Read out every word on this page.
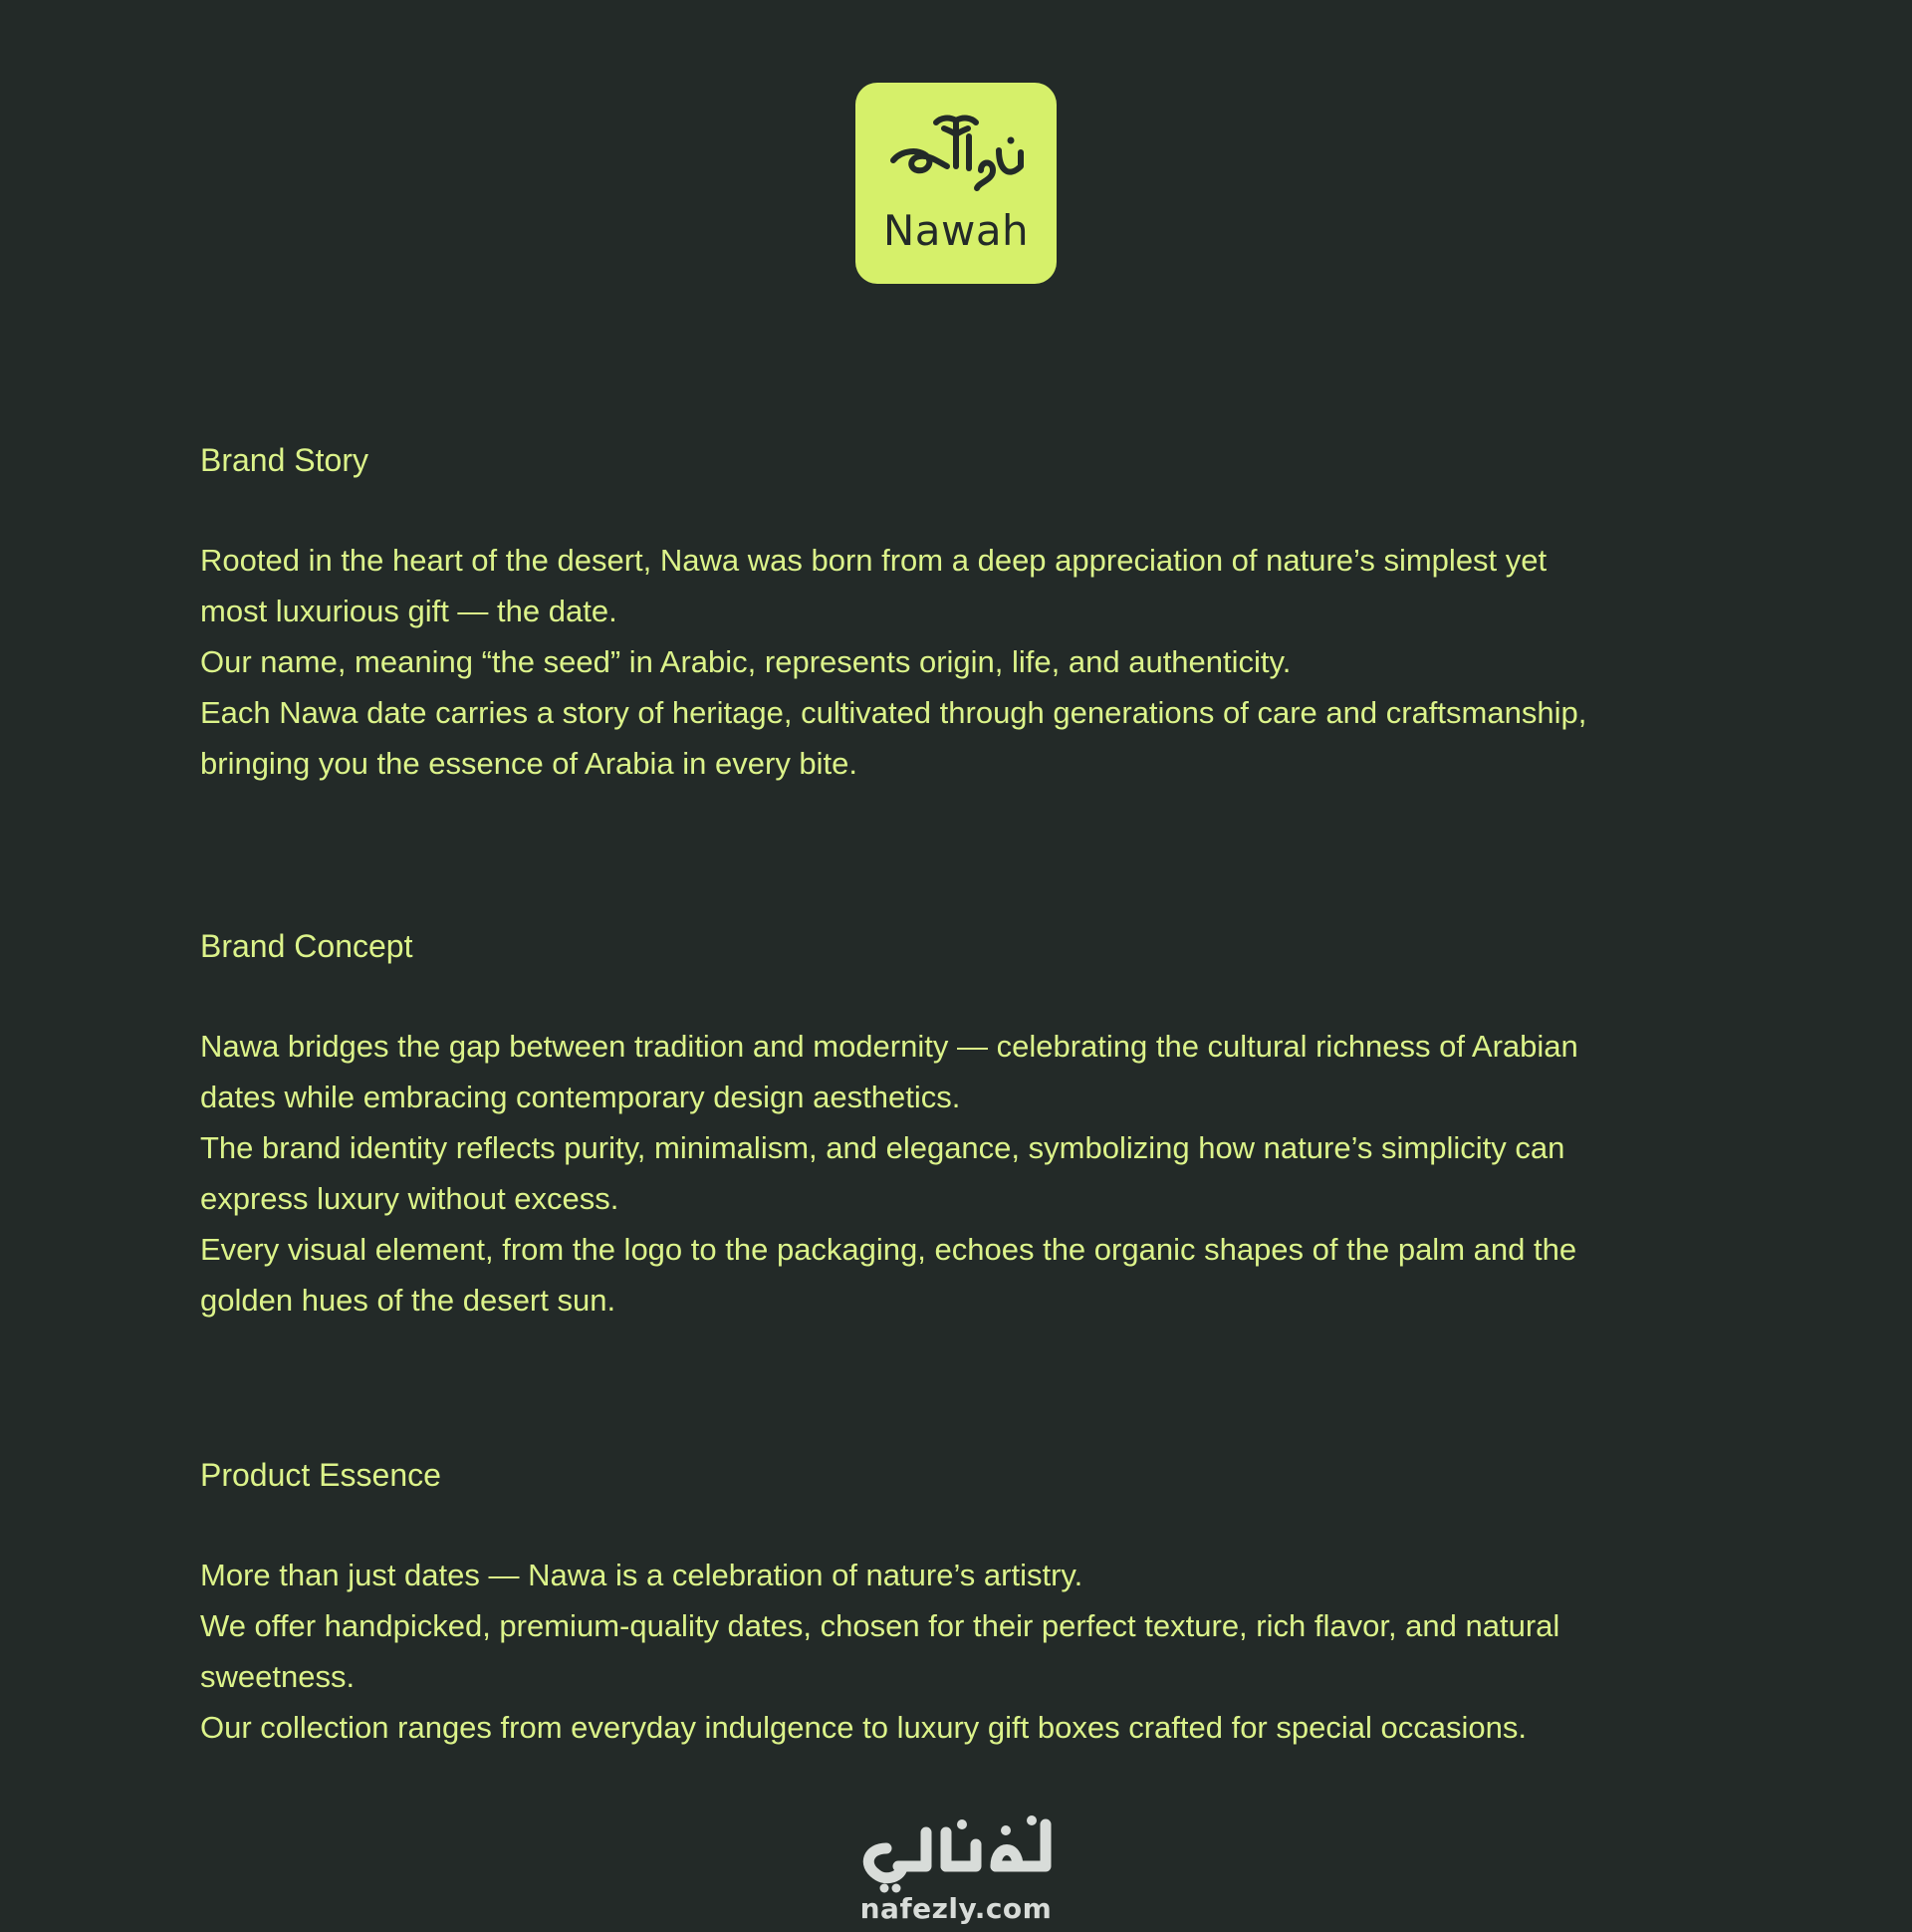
Nawah
Brand Story

Rooted in the heart of the desert, Nawa was born from a deep appreciation of nature’s simplest yet

most luxurious gift — the date.

Our name, meaning “the seed” in Arabic, represents origin, life, and authenticity.

Each Nawa date carries a story of heritage, cultivated through generations of care and craftsmanship,

bringing you the essence of Arabia in every bite.

Brand Concept

Nawa bridges the gap between tradition and modernity — celebrating the cultural richness of Arabian

dates while embracing contemporary design aesthetics.

The brand identity reflects purity, minimalism, and elegance, symbolizing how nature’s simplicity can

express luxury without excess.

Every visual element, from the logo to the packaging, echoes the organic shapes of the palm and the

golden hues of the desert sun.

Product Essence

More than just dates — Nawa is a celebration of nature’s artistry.

We offer handpicked, premium-quality dates, chosen for their perfect texture, rich flavor, and natural

sweetness.

Our collection ranges from everyday indulgence to luxury gift boxes crafted for special occasions.

nafezly.com
